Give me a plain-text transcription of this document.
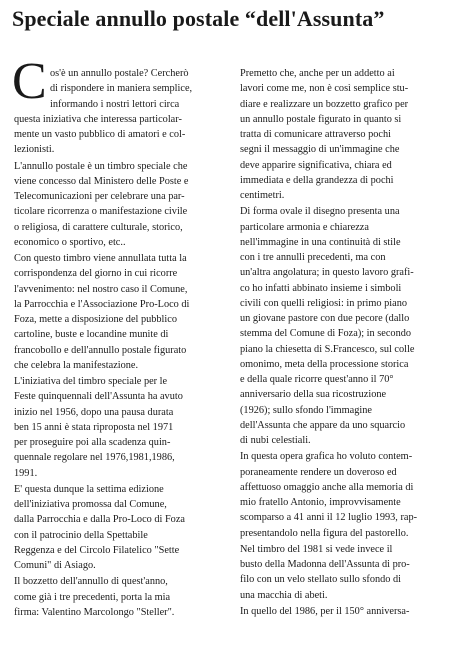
Speciale annullo postale “dell'Assunta”
C os'è un annullo postale? Cercherò
di rispondere in maniera semplice,
informando i nostri lettori circa
questa iniziativa che interessa particolar-
mente un vasto pubblico di amatori e col-
lezionisti.
L'annullo postale è un timbro speciale che
viene concesso dal Ministero delle Poste e
Telecomunicazioni per celebrare una par-
ticolare ricorrenza o manifestazione civile
o religiosa, di carattere culturale, storico,
economico o sportivo, etc..
Con questo timbro viene annullata tutta la
corrispondenza del giorno in cui ricorre
l'avvenimento: nel nostro caso il Comune,
la Parrocchia e l'Associazione Pro-Loco di
Foza, mette a disposizione del pubblico
cartoline, buste e locandine munite di
francobollo e dell'annullo postale figurato
che celebra la manifestazione.
L'iniziativa del timbro speciale per le
Feste quinquennali dell'Assunta ha avuto
inizio nel 1956, dopo una pausa durata
ben 15 anni è stata riproposta nel 1971
per proseguire poi alla scadenza quin-
quennale regolare nel 1976,1981,1986,
1991.
E' questa dunque la settima edizione
dell'iniziativa promossa dal Comune,
dalla Parrocchia e dalla Pro-Loco di Foza
con il patrocinio della Spettabile
Reggenza e del Circolo Filatelico "Sette
Comuni" di Asiago.
Il bozzetto dell'annullo di quest'anno,
come già i tre precedenti, porta la mia
firma: Valentino Marcolongo "Steller".
Premetto che, anche per un addetto ai
lavori come me, non è così semplice stu-
diare e realizzare un bozzetto grafico per
un annullo postale figurato in quanto si
tratta di comunicare attraverso pochi
segni il messaggio di un'immagine che
deve apparire significativa, chiara ed
immediata e della grandezza di pochi
centimetri.
Di forma ovale il disegno presenta una
particolare armonia e chiarezza
nell'immagine in una continuità di stile
con i tre annulli precedenti, ma con
un'altra angolatura; in questo lavoro grafi-
co ho infatti abbinato insieme i simboli
civili con quelli religiosi: in primo piano
un giovane pastore con due pecore (dallo
stemma del Comune di Foza); in secondo
piano la chiesetta di S.Francesco, sul colle
omonimo, meta della processione storica
e della quale ricorre quest'anno il 70°
anniversario della sua ricostruzione
(1926); sullo sfondo l'immagine
dell'Assunta che appare da uno squarcio
di nubi celestiali.
In questa opera grafica ho voluto contem-
poraneamente rendere un doveroso ed
affettuoso omaggio anche alla memoria di
mio fratello Antonio, improvvisamente
scomparso a 41 anni il 12 luglio 1993, rap-
presentandolo nella figura del pastorello.
Nel timbro del 1981 si vede invece il
busto della Madonna dell'Assunta di pro-
filo con un velo stellato sullo sfondo di
una macchia di abeti.
In quello del 1986, per il 150° anniversa-
